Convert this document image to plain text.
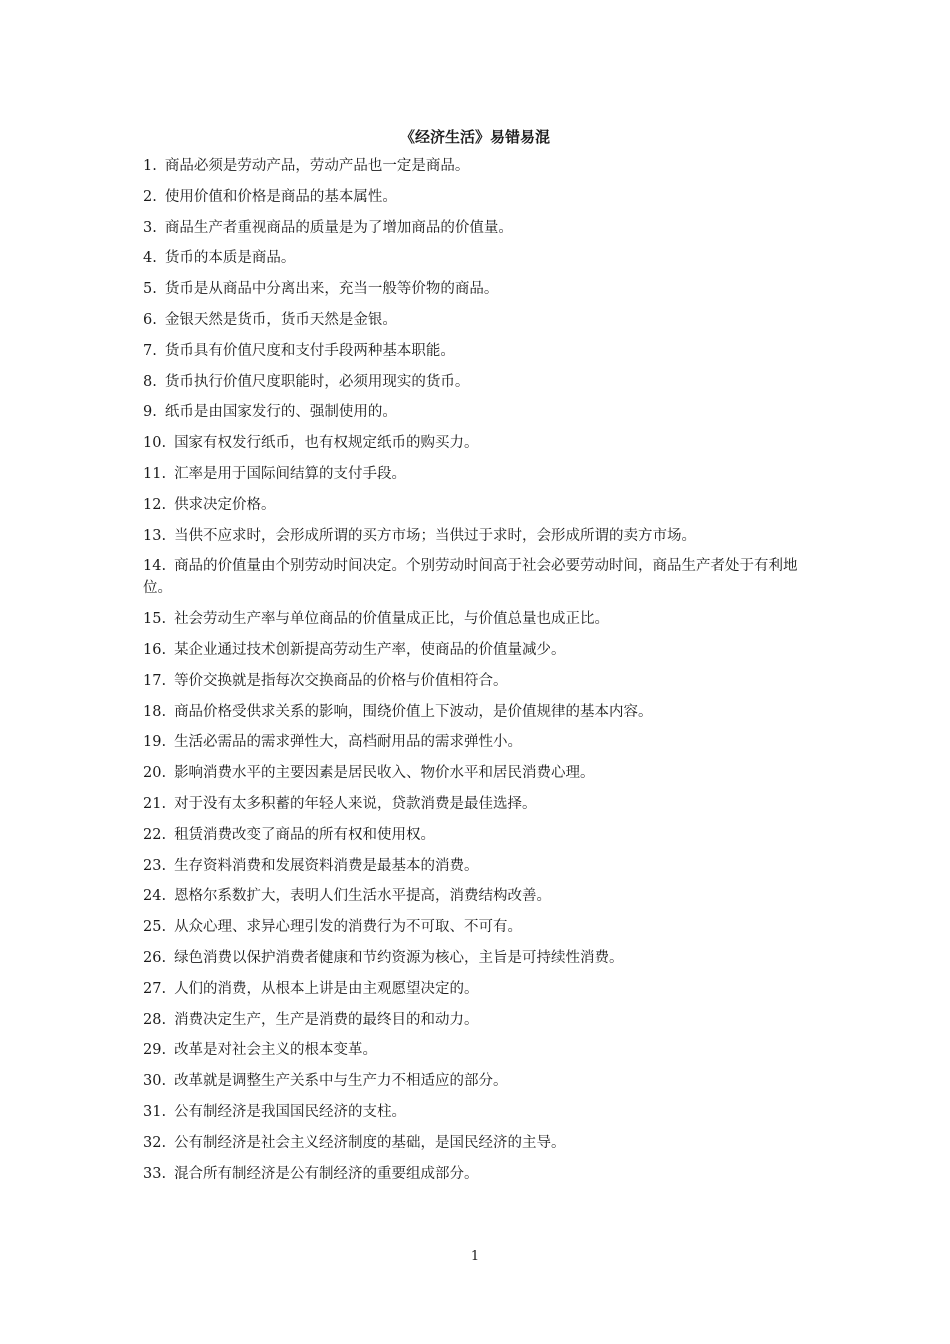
《经济生活》易错易混
1. 商品必须是劳动产品，劳动产品也一定是商品。
2. 使用价值和价格是商品的基本属性。
3. 商品生产者重视商品的质量是为了增加商品的价值量。
4. 货币的本质是商品。
5. 货币是从商品中分离出来，充当一般等价物的商品。
6. 金银天然是货币，货币天然是金银。
7. 货币具有价值尺度和支付手段两种基本职能。
8. 货币执行价值尺度职能时，必须用现实的货币。
9. 纸币是由国家发行的、强制使用的。
10. 国家有权发行纸币，也有权规定纸币的购买力。
11. 汇率是用于国际间结算的支付手段。
12. 供求决定价格。
13. 当供不应求时，会形成所谓的买方市场；当供过于求时，会形成所谓的卖方市场。
14. 商品的价值量由个别劳动时间决定。个别劳动时间高于社会必要劳动时间，商品生产者处于有利地位。
15. 社会劳动生产率与单位商品的价值量成正比，与价值总量也成正比。
16. 某企业通过技术创新提高劳动生产率，使商品的价值量减少。
17. 等价交换就是指每次交换商品的价格与价值相符合。
18. 商品价格受供求关系的影响，围绕价值上下波动，是价值规律的基本内容。
19. 生活必需品的需求弹性大，高档耐用品的需求弹性小。
20. 影响消费水平的主要因素是居民收入、物价水平和居民消费心理。
21. 对于没有太多积蓄的年轻人来说，贷款消费是最佳选择。
22. 租赁消费改变了商品的所有权和使用权。
23. 生存资料消费和发展资料消费是最基本的消费。
24. 恩格尔系数扩大，表明人们生活水平提高，消费结构改善。
25. 从众心理、求异心理引发的消费行为不可取、不可有。
26. 绿色消费以保护消费者健康和节约资源为核心，主旨是可持续性消费。
27. 人们的消费，从根本上讲是由主观愿望决定的。
28. 消费决定生产，生产是消费的最终目的和动力。
29. 改革是对社会主义的根本变革。
30. 改革就是调整生产关系中与生产力不相适应的部分。
31. 公有制经济是我国国民经济的支柱。
32. 公有制经济是社会主义经济制度的基础，是国民经济的主导。
33. 混合所有制经济是公有制经济的重要组成部分。
1
